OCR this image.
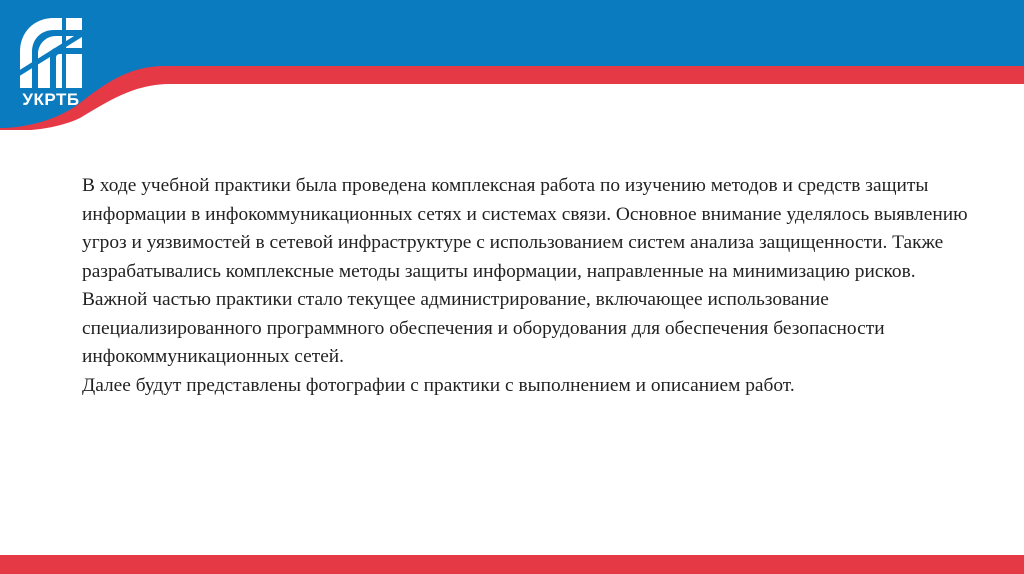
УКРТБ

В ходе учебной практики была проведена комплексная работа по изучению методов и средств защиты информации в инфокоммуникационных сетях и системах связи. Основное внимание уделялось выявлению угроз и уязвимостей в сетевой инфраструктуре с использованием систем анализа защищенности. Также разрабатывались комплексные методы защиты информации, направленные на минимизацию рисков. Важной частью практики стало текущее администрирование, включающее использование специализированного программного обеспечения и оборудования для обеспечения безопасности инфокоммуникационных сетей.

Далее будут представлены фотографии с практики с выполнением и описанием работ.
